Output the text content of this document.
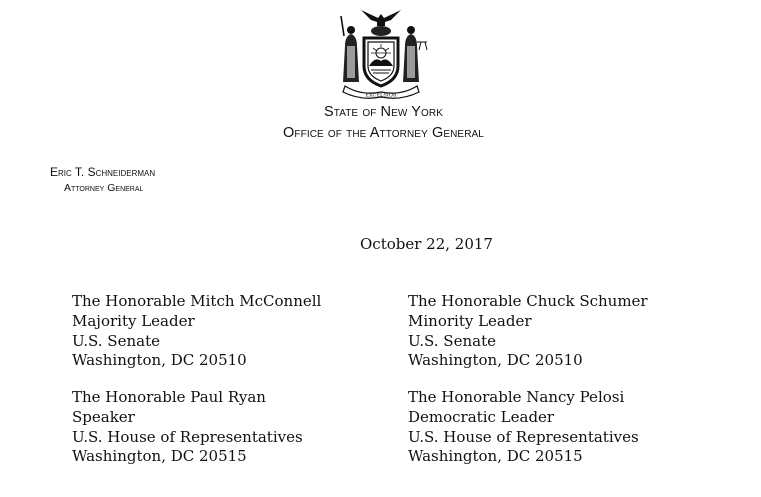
EXCELSIOR
State of New York
Office of the Attorney General
Eric T. Schneiderman
Attorney General
October 22, 2017
The Honorable Mitch McConnell
Majority Leader
U.S. Senate
Washington, DC 20510
The Honorable Chuck Schumer
Minority Leader
U.S. Senate
Washington, DC 20510
The Honorable Paul Ryan
Speaker
U.S. House of Representatives
Washington, DC 20515
The Honorable Nancy Pelosi
Democratic Leader
U.S. House of Representatives
Washington, DC 20515
